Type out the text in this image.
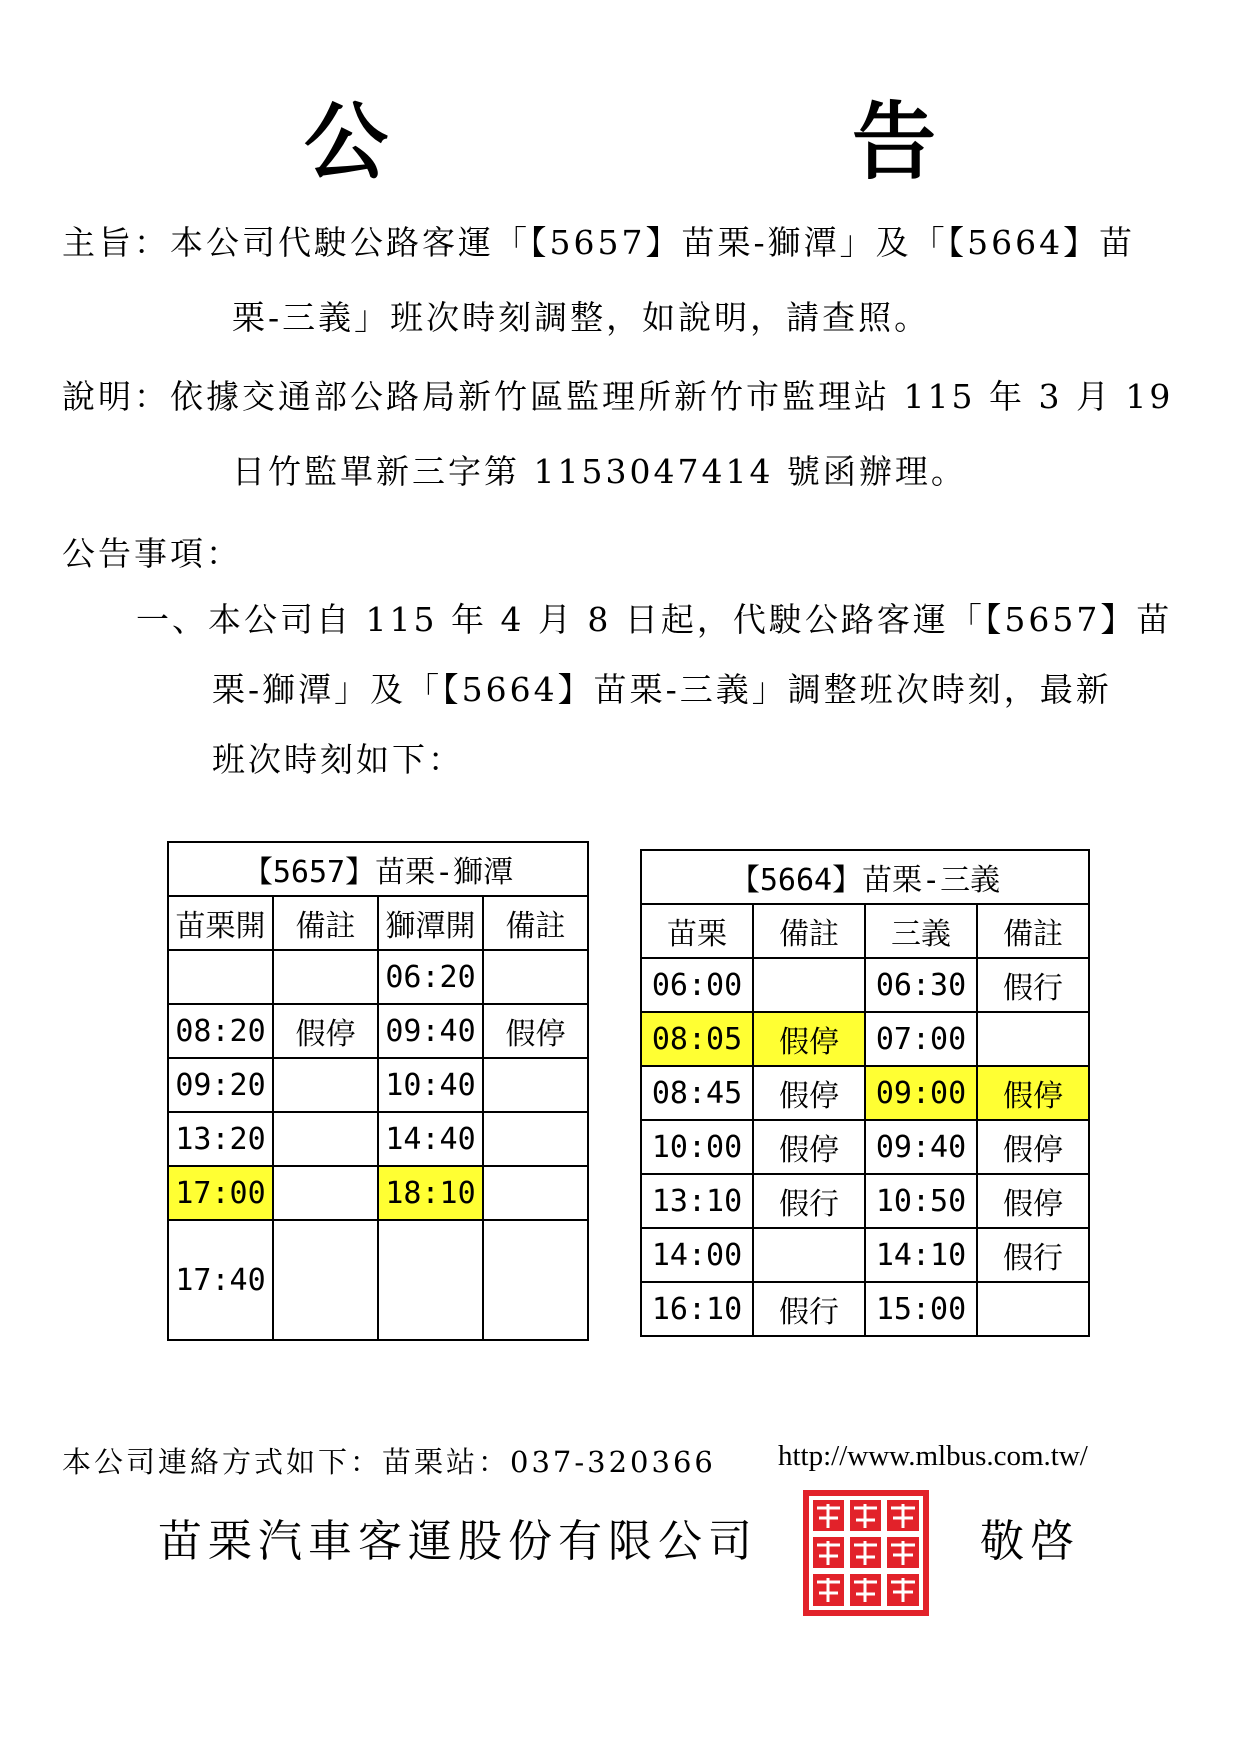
公　告
主旨：本公司代駛公路客運「【5657】苗栗-獅潭」及「【5664】苗
栗-三義」班次時刻調整，如說明，請查照。
說明：依據交通部公路局新竹區監理所新竹市監理站 115 年 3 月 19
日竹監單新三字第 1153047414 號函辦理。
公告事項：
一、本公司自 115 年 4 月 8 日起，代駛公路客運「【5657】苗
栗-獅潭」及「【5664】苗栗-三義」調整班次時刻，最新
班次時刻如下：
【5657】苗栗-獅潭			
苗栗開	備註	獅潭開	備註
		06:20	
08:20	假停	09:40	假停
09:20		10:40	
13:20		14:40	
17:00		18:10	
17:40			
【5664】苗栗-三義			
苗栗	備註	三義	備註
06:00		06:30	假行
08:05	假停	07:00	
08:45	假停	09:00	假停
10:00	假停	09:40	假停
13:10	假行	10:50	假停
14:00		14:10	假行
16:10	假行	15:00	
本公司連絡方式如下：苗栗站：037-320366 http://www.mlbus.com.tw/
苗栗汽車客運股份有限公司	敬啓
